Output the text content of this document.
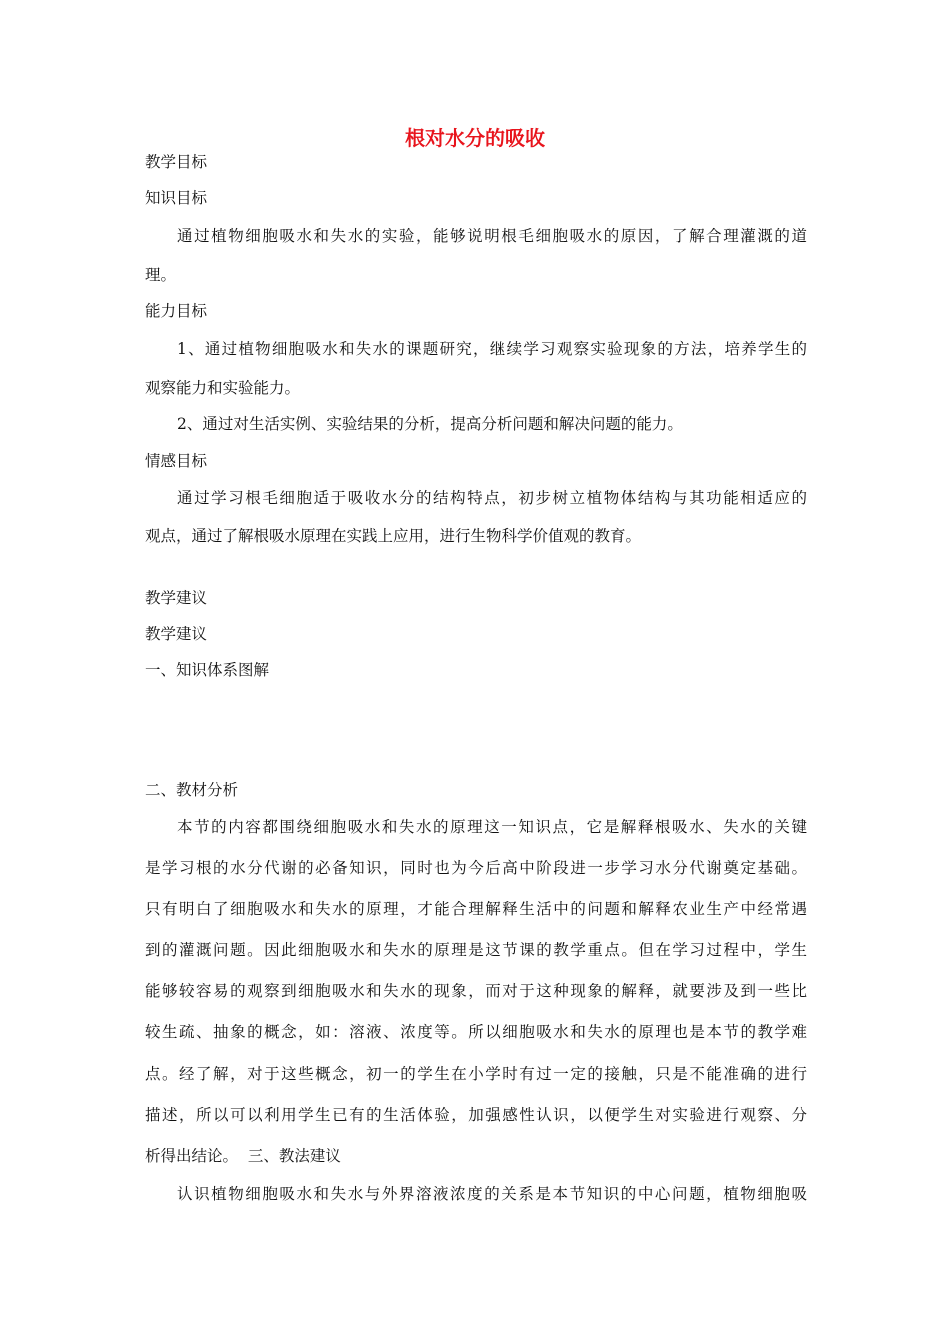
根对水分的吸收

教学目标

知识目标

通过植物细胞吸水和失水的实验，能够说明根毛细胞吸水的原因，了解合理灌溉的道

理。

能力目标

1、通过植物细胞吸水和失水的课题研究，继续学习观察实验现象的方法，培养学生的

观察能力和实验能力。

2、通过对生活实例、实验结果的分析，提高分析问题和解决问题的能力。

情感目标

通过学习根毛细胞适于吸收水分的结构特点，初步树立植物体结构与其功能相适应的

观点，通过了解根吸水原理在实践上应用，进行生物科学价值观的教育。

教学建议

教学建议

一、知识体系图解

二、教材分析

本节的内容都围绕细胞吸水和失水的原理这一知识点，它是解释根吸水、失水的关键

是学习根的水分代谢的必备知识，同时也为今后高中阶段进一步学习水分代谢奠定基础。

只有明白了细胞吸水和失水的原理，才能合理解释生活中的问题和解释农业生产中经常遇

到的灌溉问题。因此细胞吸水和失水的原理是这节课的教学重点。但在学习过程中，学生

能够较容易的观察到细胞吸水和失水的现象，而对于这种现象的解释，就要涉及到一些比

较生疏、抽象的概念，如：溶液、浓度等。所以细胞吸水和失水的原理也是本节的教学难

点。经了解，对于这些概念，初一的学生在小学时有过一定的接触，只是不能准确的进行

描述，所以可以利用学生已有的生活体验，加强感性认识，以便学生对实验进行观察、分

析得出结论。  三、教法建议

认识植物细胞吸水和失水与外界溶液浓度的关系是本节知识的中心问题，植物细胞吸
